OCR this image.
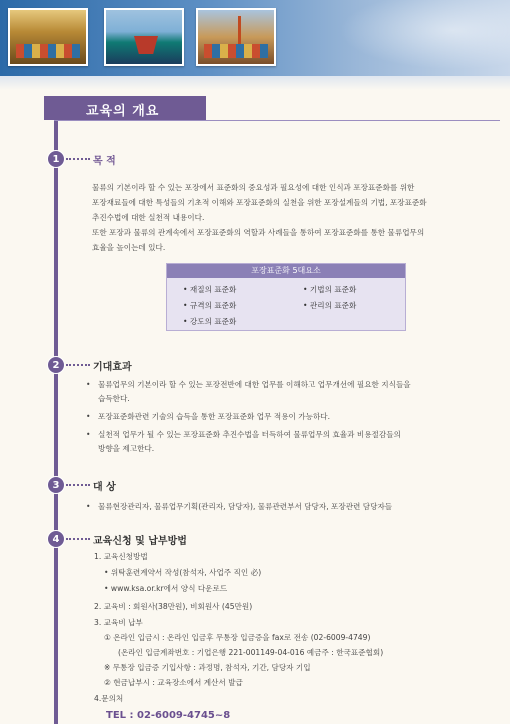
교육의 개요
1	목 적
물류의 기본이라 할 수 있는 포장에서 표준화의 중요성과 필요성에 대한 인식과 포장표준화를 위한
포장재료들에 대한 특성들의 기초적 이해와 포장표준화의 실천을 위한 포장설계들의 기법, 포장표준화
추진수법에 대한 실천적 내용이다.
또한 포장과 물류의 관계속에서 포장표준화의 역할과 사례들을 통하여 포장표준화를 통한 물류업무의
효율을 높이는데 있다.
포장표준화 5대요소
• 재질의 표준화	• 기법의 표준화
• 규격의 표준화	• 관리의 표준화
• 강도의 표준화
2	기대효과
• 물류업무의 기본이라 할 수 있는 포장전반에 대한 업무를 이해하고 업무개선에 필요한 지식들을
습득한다.
• 포장표준화관련 기술의 습득을 통한 포장표준화 업무 적용이 가능하다.
• 실천적 업무가 될 수 있는 포장표준화 추진수법을 터득하여 물류업무의 효율과 비용절감들의
방향을 제고한다.
3	대 상
• 물류현장관리자, 물류업무기획(관리자, 담당자), 물류관련부서 담당자, 포장관련 담당자들
4	교육신청 및 납부방법
1. 교육신청방법
• 위탁훈련계약서 작성(참석자, 사업주 직인 必)
• www.ksa.or.kr에서 양식 다운로드
2. 교육비 : 회원사(38만원), 비회원사 (45만원)
3. 교육비 납부
① 온라인 입금시 : 온라인 입금후 무통장 입금증을 fax로 전송 (02-6009-4749)
(온라인 입금계좌번호 : 기업은행 221-001149-04-016 예금주 : 한국표준협회)
※ 무통장 입금증 기입사항 : 과정명, 참석자, 기간, 담당자 기입
② 현금납부시 : 교육장소에서 계산서 발급
4.문의처
TEL : 02-6009-4745~8
